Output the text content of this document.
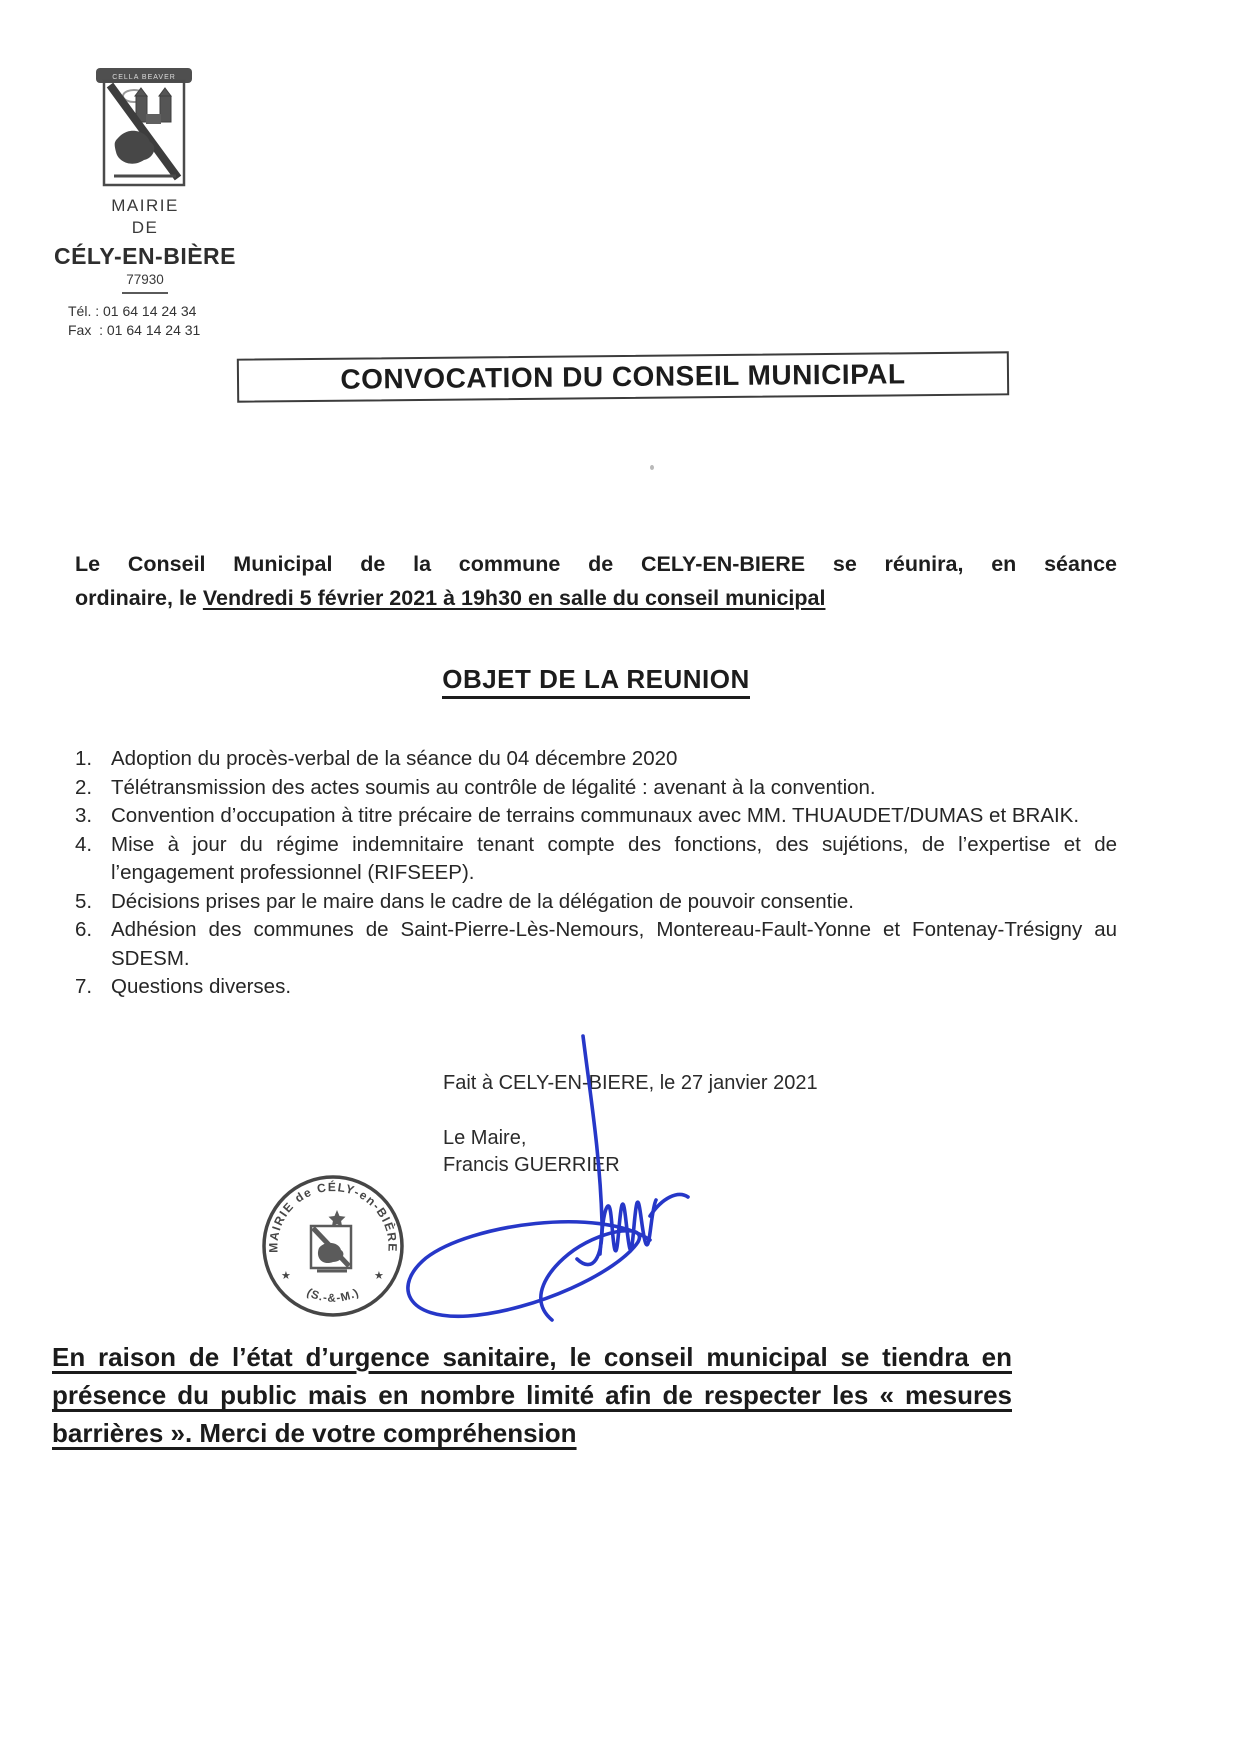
CELLA BEAVER
MAIRIE
DE
CÉLY-EN-BIÈRE
77930
Tél. : 01 64 14 24 34
Fax  : 01 64 14 24 31
CONVOCATION DU CONSEIL MUNICIPAL
Le Conseil Municipal de la commune de CELY-EN-BIERE se réunira, en séance
ordinaire, le Vendredi 5 février 2021 à 19h30 en salle du conseil municipal
OBJET DE LA REUNION
1. Adoption du procès-verbal de la séance du 04 décembre 2020
2. Télétransmission des actes soumis au contrôle de légalité : avenant à la convention.
3. Convention d’occupation à titre précaire de terrains communaux avec MM. THUAUDET/DUMAS et BRAIK.
4. Mise à jour du régime indemnitaire tenant compte des fonctions, des sujétions, de l’expertise et de l’engagement professionnel (RIFSEEP).
5. Décisions prises par le maire dans le cadre de la délégation de pouvoir consentie.
6. Adhésion des communes de Saint-Pierre-Lès-Nemours, Montereau-Fault-Yonne et Fontenay-Trésigny au SDESM.
7. Questions diverses.
Fait à CELY-EN-BIERE, le 27 janvier 2021
Le Maire,
Francis GUERRIER
MAIRIE de CÉLY-en-BIÈRE
(S.-&-M.)
★	★
En raison de l’état d’urgence sanitaire, le conseil municipal se tiendra en présence du public mais en nombre limité afin de respecter les « mesures barrières ». Merci de votre compréhension
